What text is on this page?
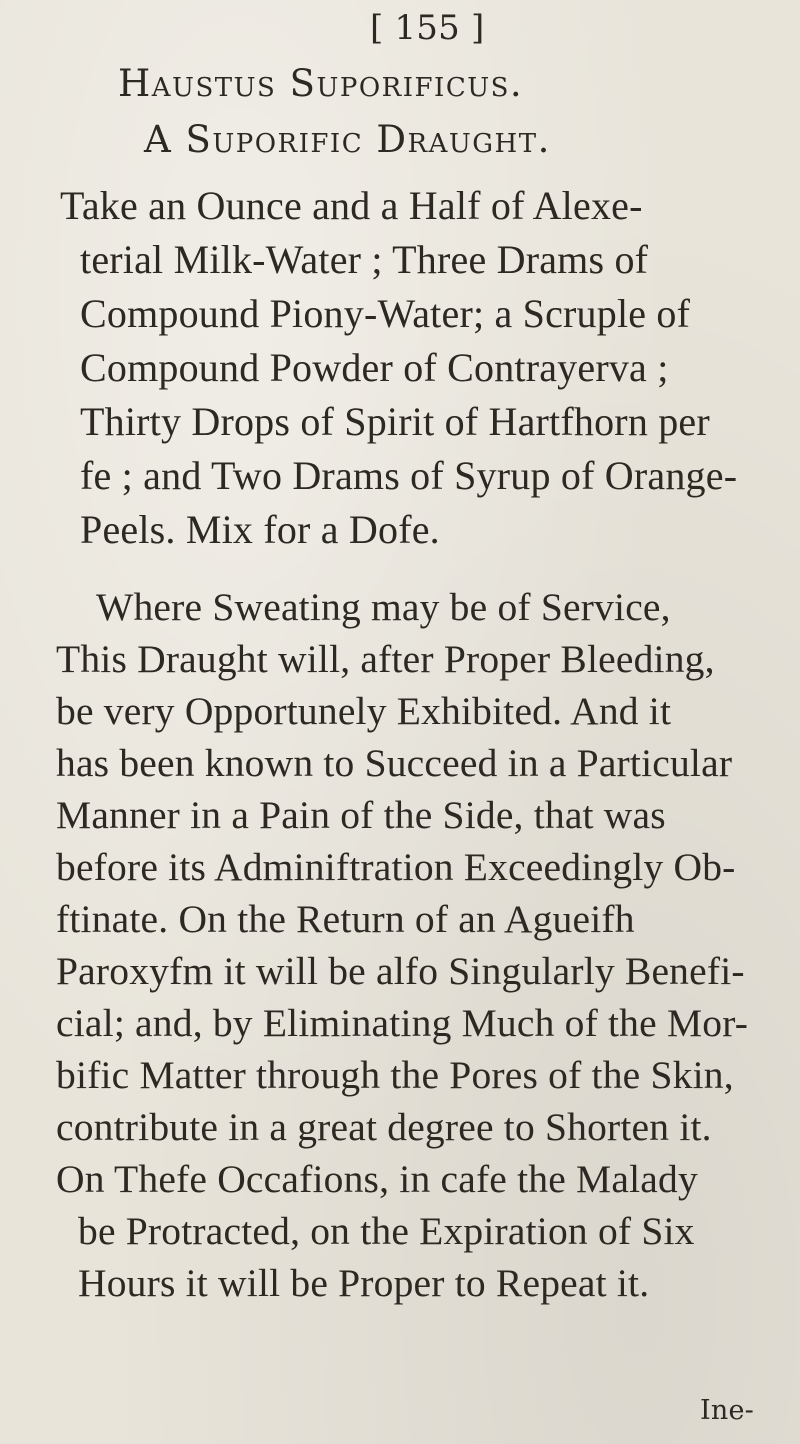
[ 155 ]
Haustus Suporificus.
A Suporific Draught.
Take an Ounce and a Half of Alexe-
terial Milk-Water ; Three Drams of
Compound Piony-Water; a Scruple of
Compound Powder of Contrayerva ;
Thirty Drops of Spirit of Hartfhorn per
fe ; and Two Drams of Syrup of Orange-
Peels. Mix for a Dofe.
Where Sweating may be of Service,
This Draught will, after Proper Bleeding,
be very Opportunely Exhibited. And it
has been known to Succeed in a Particular
Manner in a Pain of the Side, that was
before its Adminiftration Exceedingly Ob-
ftinate. On the Return of an Agueifh
Paroxyfm it will be alfo Singularly Benefi-
cial; and, by Eliminating Much of the Mor-
bific Matter through the Pores of the Skin,
contribute in a great degree to Shorten it.
On Thefe Occafions, in cafe the Malady
be Protracted, on the Expiration of Six
Hours it will be Proper to Repeat it.
Ine-
